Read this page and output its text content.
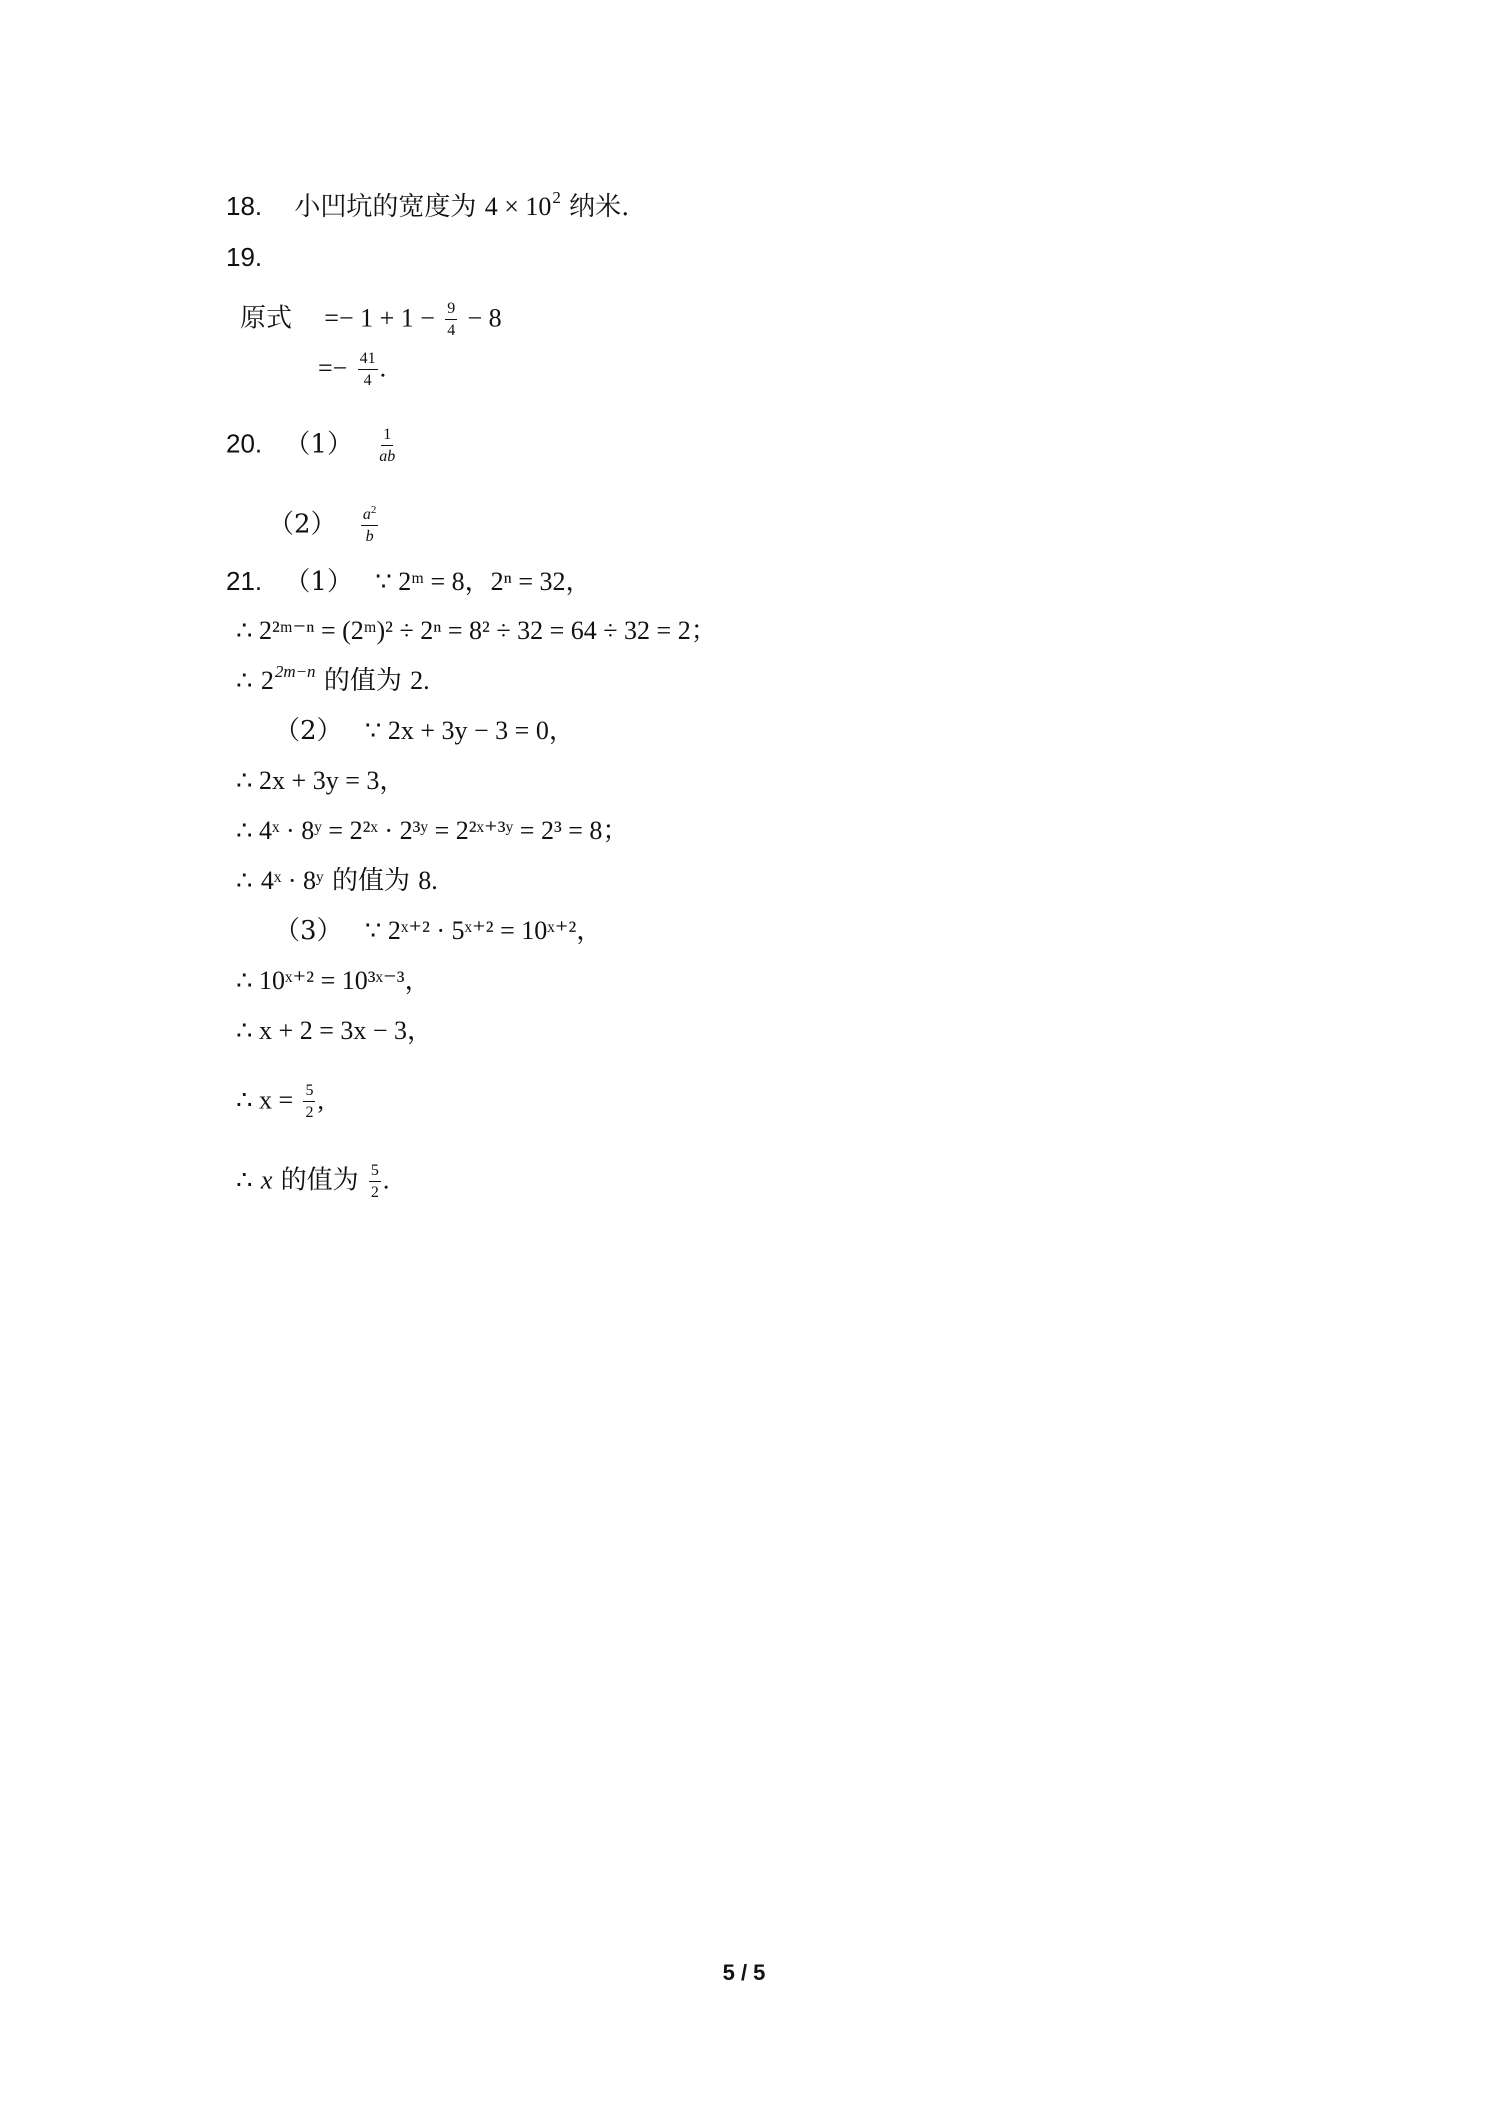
18. 小凹坑的宽度为 $4 \times 10^2$ 纳米.
19.
原式 =− $1 + 1 - \frac{9}{4} - 8$
=− $\frac{41}{4}$ .
20. $(1) \frac{1}{ab}$
$(2) \frac{a^2}{b}$
21. （1） ∵ 2ᵐ = 8，2ⁿ = 32，
∴ 2²ᵐ⁻ⁿ = (2ᵐ)² ÷ 2ⁿ = 8² ÷ 32 = 64 ÷ 32 = 2；
∴ $2^{2m-n}$ 的值为 2.
（2） ∵ 2x + 3y − 3 = 0，
∴ 2x + 3y = 3，
∴ 4ˣ · 8ʸ = 2²ˣ · 2³ʸ = 2²ˣ⁺³ʸ = 2³ = 8；
∴ 4ˣ · 8ʸ 的值为 8.
（3） ∵ 2ˣ⁺² · 5ˣ⁺² = 10ˣ⁺²，
∴ 10ˣ⁺² = 10³ˣ⁻³，
∴ x + 2 = 3x − 3，
∴ $x = \frac{5}{2}$ ,
∴ x 的值为 $\frac{5}{2}$ .
5 / 5
